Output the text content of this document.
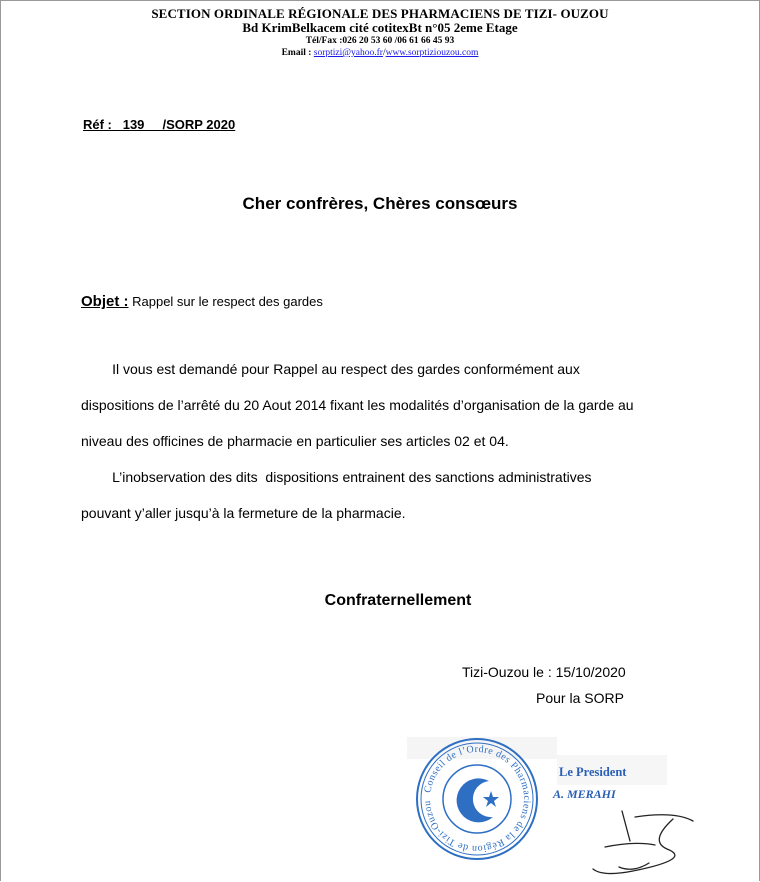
SECTION ORDINALE RÉGIONALE DES PHARMACIENS DE TIZI- OUZOU
Bd KrimBelkacem cité cotitexBt n°05 2eme Etage
Tél/Fax :026 20 53 60 /06 61 66 45 93
Email : sorptizi@yahoo.fr/www.sorptiziouzou.com
Réf :   139     /SORP 2020
Cher confrères, Chères consœurs
Objet : Rappel sur le respect des gardes
Il vous est demandé pour Rappel au respect des gardes conformément aux
dispositions de l’arrêté du 20 Aout 2014 fixant les modalités d’organisation de la garde au
niveau des officines de pharmacie en particulier ses articles 02 et 04.
L’inobservation des dits  dispositions entrainent des sanctions administratives
pouvant y’aller jusqu’à la fermeture de la pharmacie.
Confraternellement
Tizi-Ouzou le : 15/10/2020
Pour la SORP
Conseil de l’Ordre des Pharmaciens de la Région de Tizi-Ouzou
Le President
A. MERAHI
